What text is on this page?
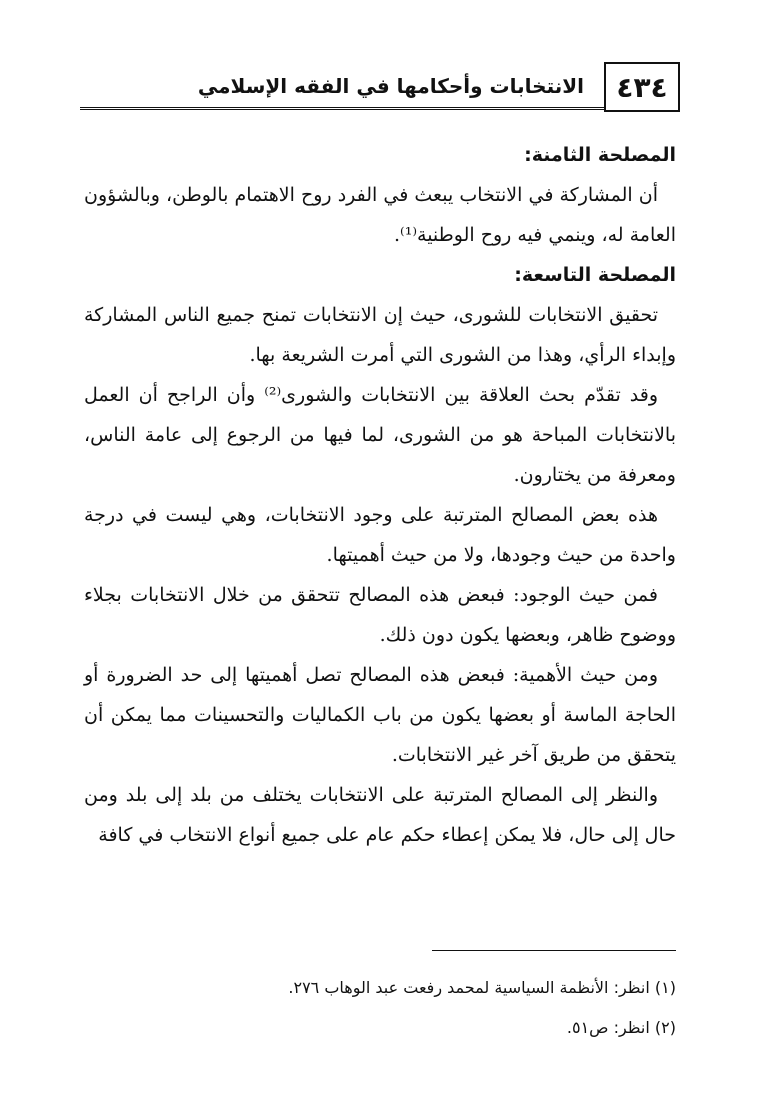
٤٣٤
الانتخابات وأحكامها في الفقه الإسلامي

المصلحة الثامنة:

أن المشاركة في الانتخاب يبعث في الفرد روح الاهتمام بالوطن، وبالشؤون العامة له، وينمي فيه روح الوطنية⁽¹⁾.

المصلحة التاسعة:

تحقيق الانتخابات للشورى، حيث إن الانتخابات تمنح جميع الناس المشاركة وإبداء الرأي، وهذا من الشورى التي أمرت الشريعة بها.

وقد تقدّم بحث العلاقة بين الانتخابات والشورى⁽²⁾ وأن الراجح أن العمل بالانتخابات المباحة هو من الشورى، لما فيها من الرجوع إلى عامة الناس، ومعرفة من يختارون.

هذه بعض المصالح المترتبة على وجود الانتخابات، وهي ليست في درجة واحدة من حيث وجودها، ولا من حيث أهميتها.

فمن حيث الوجود: فبعض هذه المصالح تتحقق من خلال الانتخابات بجلاء ووضوح ظاهر، وبعضها يكون دون ذلك.

ومن حيث الأهمية: فبعض هذه المصالح تصل أهميتها إلى حد الضرورة أو الحاجة الماسة أو بعضها يكون من باب الكماليات والتحسينات مما يمكن أن يتحقق من طريق آخر غير الانتخابات.

والنظر إلى المصالح المترتبة على الانتخابات يختلف من بلد إلى بلد ومن حال إلى حال، فلا يمكن إعطاء حكم عام على جميع أنواع الانتخاب في كافة

(١) انظر: الأنظمة السياسية لمحمد رفعت عبد الوهاب ٢٧٦.

(٢) انظر: ص٥١.
